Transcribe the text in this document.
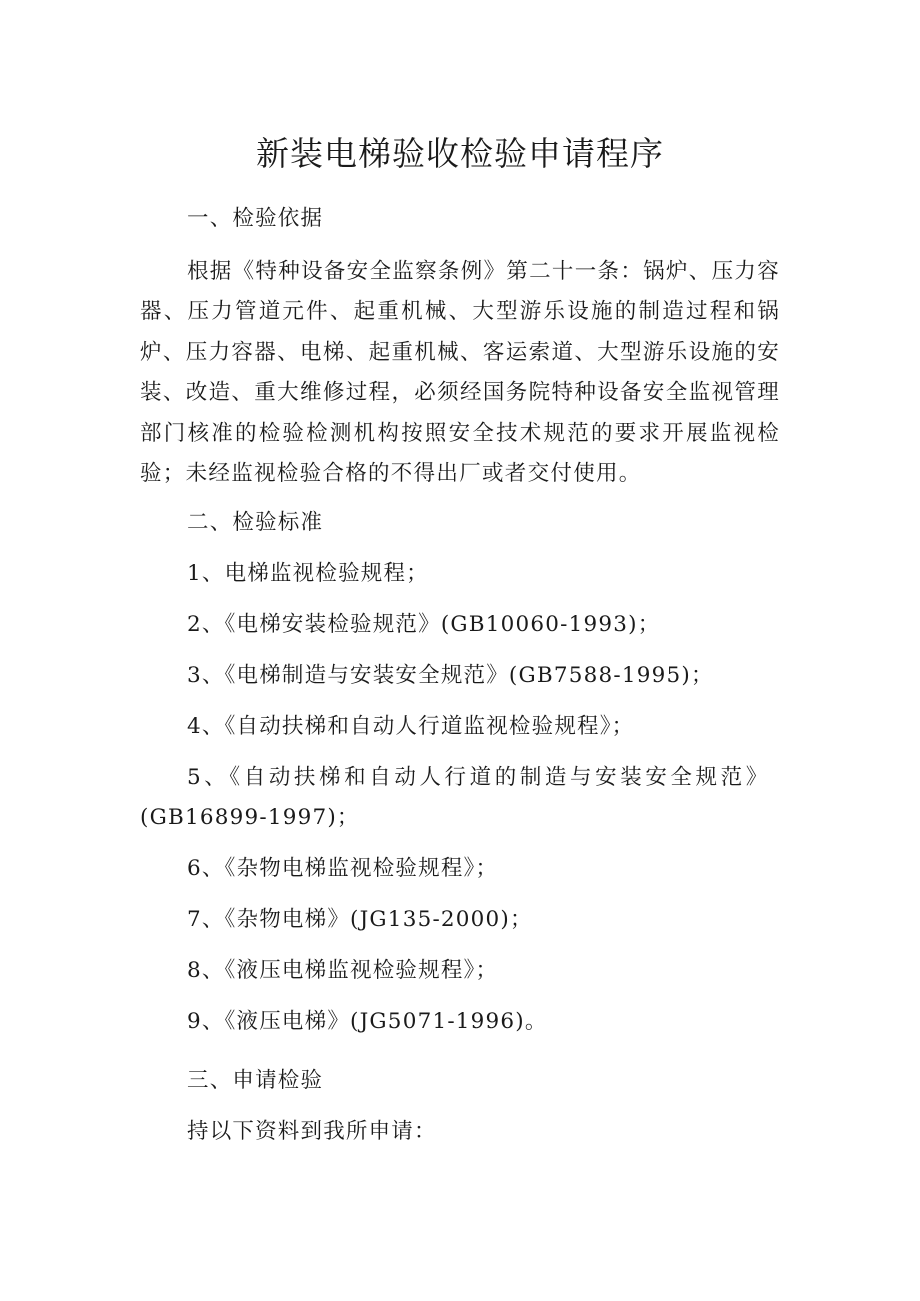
新装电梯验收检验申请程序
一、检验依据

根据《特种设备安全监察条例》第二十一条：锅炉、压力容器、压力管道元件、起重机械、大型游乐设施的制造过程和锅炉、压力容器、电梯、起重机械、客运索道、大型游乐设施的安装、改造、重大维修过程，必须经国务院特种设备安全监视管理部门核准的检验检测机构按照安全技术规范的要求开展监视检验；未经监视检验合格的不得出厂或者交付使用。

二、检验标准
1、电梯监视检验规程；
2、《电梯安装检验规范》(GB10060-1993)；
3、《电梯制造与安装安全规范》(GB7588-1995)；
4、《自动扶梯和自动人行道监视检验规程》；
5、《自动扶梯和自动人行道的制造与安装安全规范》
(GB16899-1997)；
6、《杂物电梯监视检验规程》；
7、《杂物电梯》(JG135-2000)；
8、《液压电梯监视检验规程》；
9、《液压电梯》(JG5071-1996)。
三、申请检验
持以下资料到我所申请：
